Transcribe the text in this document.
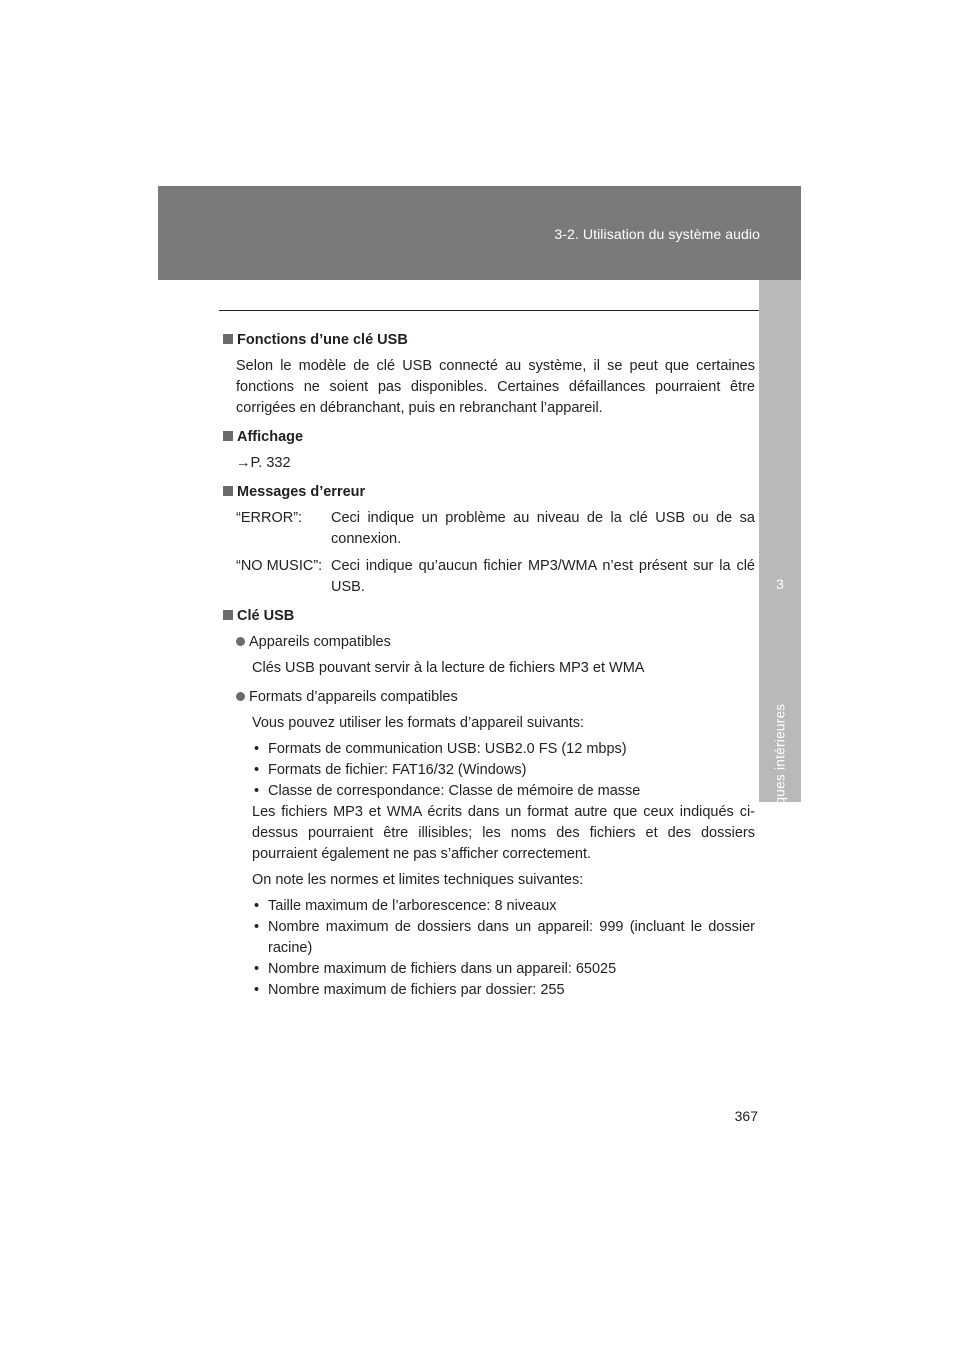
3-2. Utilisation du système audio
3
Caractéristiques intérieures
Fonctions d’une clé USB
Selon le modèle de clé USB connecté au système, il se peut que certaines fonctions ne soient pas disponibles. Certaines défaillances pourraient être corrigées en débranchant, puis en rebranchant l’appareil.
Affichage
→P. 332
Messages d’erreur
“ERROR”:	Ceci indique un problème au niveau de la clé USB ou de sa connexion.
“NO MUSIC”: Ceci indique qu’aucun fichier MP3/WMA n’est présent sur la clé USB.
Clé USB
Appareils compatibles
Clés USB pouvant servir à la lecture de fichiers MP3 et WMA
Formats d’appareils compatibles
Vous pouvez utiliser les formats d’appareil suivants:
• Formats de communication USB: USB2.0 FS (12 mbps)
• Formats de fichier: FAT16/32 (Windows)
• Classe de correspondance: Classe de mémoire de masse
Les fichiers MP3 et WMA écrits dans un format autre que ceux indiqués ci-dessus pourraient être illisibles; les noms des fichiers et des dossiers pourraient également ne pas s’afficher correctement.
On note les normes et limites techniques suivantes:
• Taille maximum de l’arborescence: 8 niveaux
• Nombre maximum de dossiers dans un appareil: 999 (incluant le dossier racine)
• Nombre maximum de fichiers dans un appareil: 65025
• Nombre maximum de fichiers par dossier: 255
367
